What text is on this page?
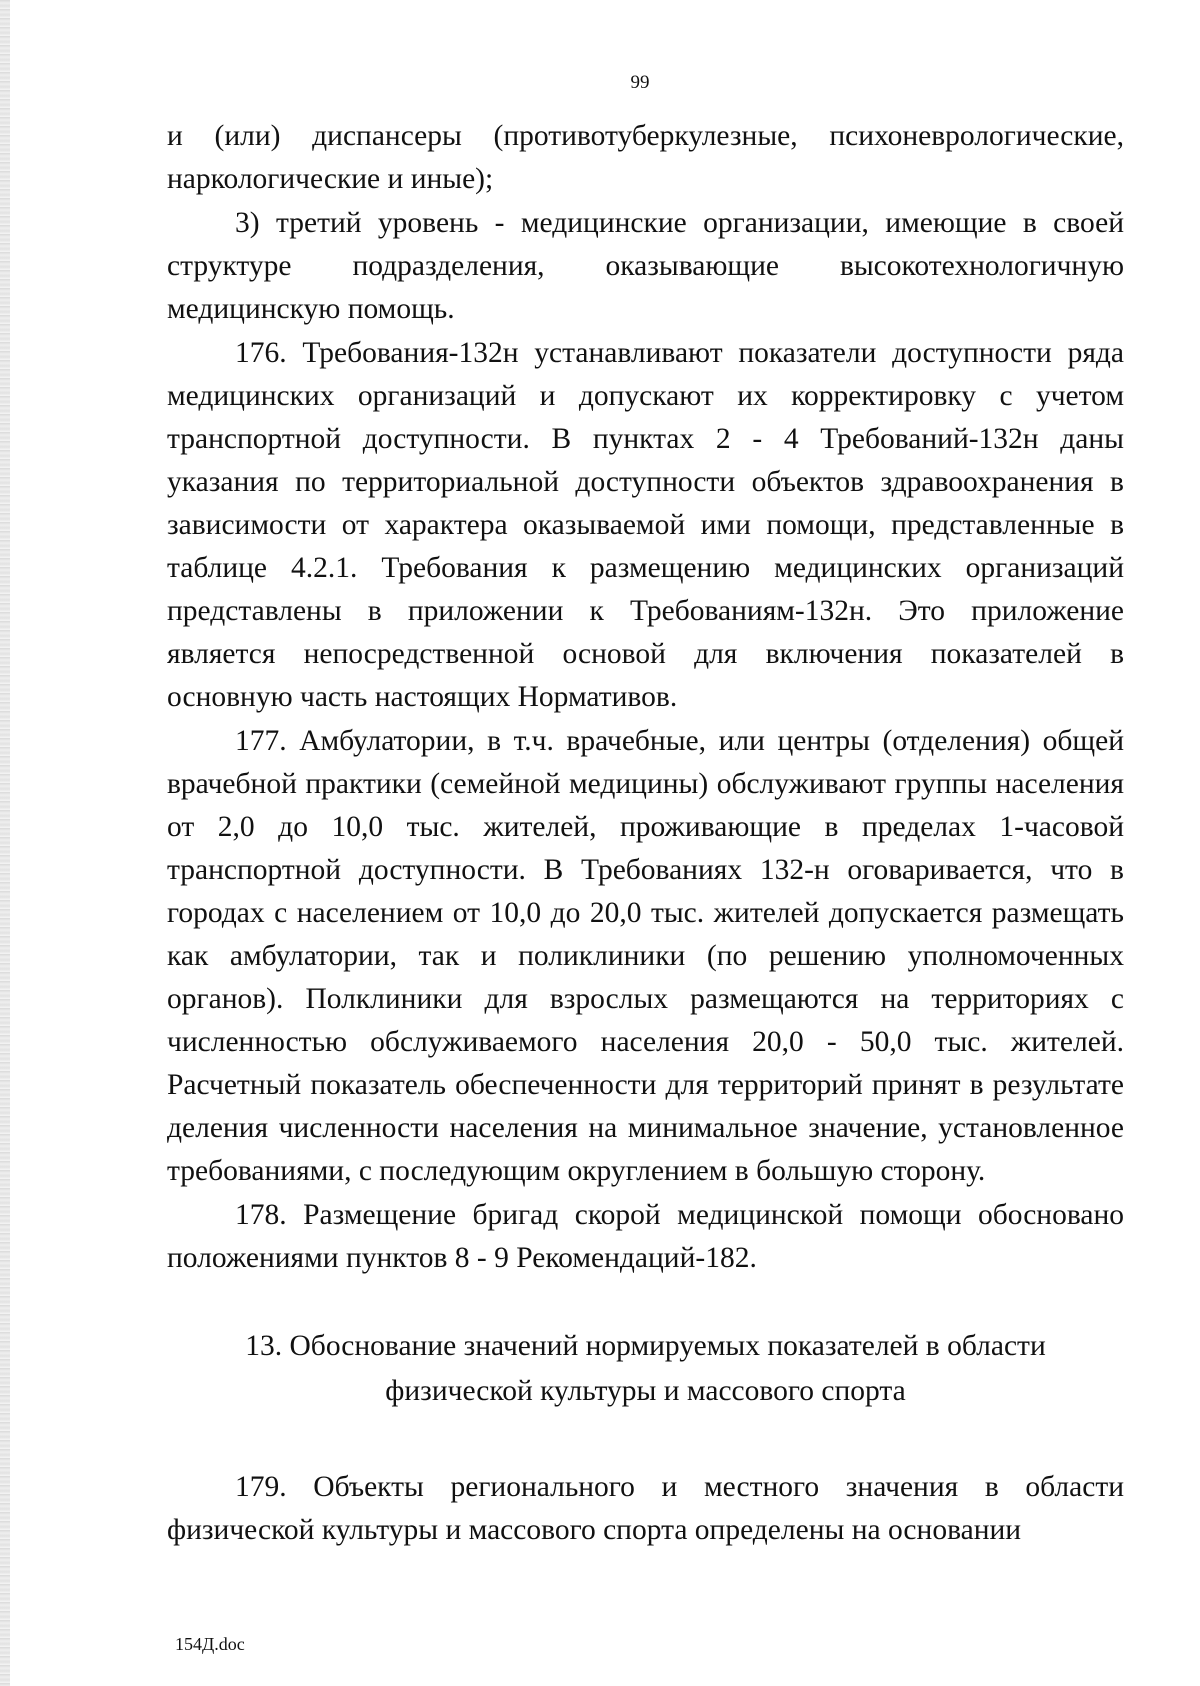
99

и (или) диспансеры (противотуберкулезные, психоневрологические, наркологические и иные);

3) третий уровень - медицинские организации, имеющие в своей структуре подразделения, оказывающие высокотехнологичную медицинскую помощь.

176. Требования-132н устанавливают показатели доступности ряда медицинских организаций и допускают их корректировку с учетом транспортной доступности. В пунктах 2 - 4 Требований-132н даны указания по территориальной доступности объектов здравоохранения в зависимости от характера оказываемой ими помощи, представленные в таблице 4.2.1. Требования к размещению медицинских организаций представлены в приложении к Требованиям-132н. Это приложение является непосредственной основой для включения показателей в основную часть настоящих Нормативов.

177. Амбулатории, в т.ч. врачебные, или центры (отделения) общей врачебной практики (семейной медицины) обслуживают группы населения от 2,0 до 10,0 тыс. жителей, проживающие в пределах 1-часовой транспортной доступности. В Требованиях 132-н оговаривается, что в городах с населением от 10,0 до 20,0 тыс. жителей допускается размещать как амбулатории, так и поликлиники (по решению уполномоченных органов). Полклиники для взрослых размещаются на территориях с численностью обслуживаемого населения 20,0 - 50,0 тыс. жителей. Расчетный показатель обеспеченности для территорий принят в результате деления численности населения на минимальное значение, установленное требованиями, с последующим округлением в большую сторону.

178. Размещение бригад скорой медицинской помощи обосновано положениями пунктов 8 - 9 Рекомендаций-182.

13. Обоснование значений нормируемых показателей в области
физической культуры и массового спорта

179. Объекты регионального и местного значения в области физической культуры и массового спорта определены на основании

154Д.doc
